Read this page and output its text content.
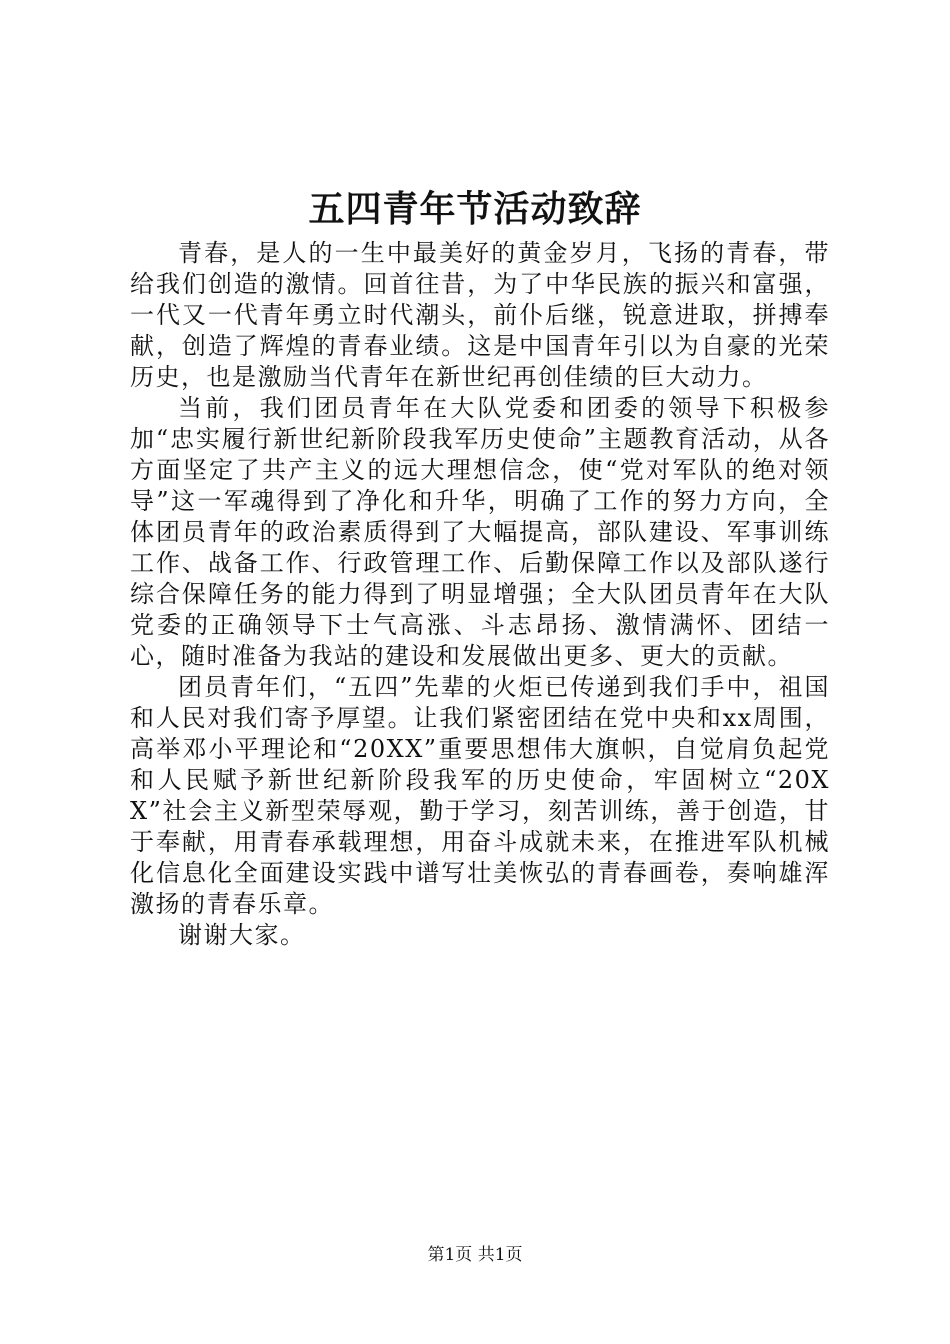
五四青年节活动致辞

青春，是人的一生中最美好的黄金岁月，飞扬的青春，带给我们创造的激情。回首往昔，为了中华民族的振兴和富强，一代又一代青年勇立时代潮头，前仆后继，锐意进取，拼搏奉献，创造了辉煌的青春业绩。这是中国青年引以为自豪的光荣历史，也是激励当代青年在新世纪再创佳绩的巨大动力。

当前，我们团员青年在大队党委和团委的领导下积极参加“忠实履行新世纪新阶段我军历史使命”主题教育活动，从各方面坚定了共产主义的远大理想信念，使“党对军队的绝对领导”这一军魂得到了净化和升华，明确了工作的努力方向，全体团员青年的政治素质得到了大幅提高，部队建设、军事训练工作、战备工作、行政管理工作、后勤保障工作以及部队遂行综合保障任务的能力得到了明显增强；全大队团员青年在大队党委的正确领导下士气高涨、斗志昂扬、激情满怀、团结一心，随时准备为我站的建设和发展做出更多、更大的贡献。

团员青年们，“五四”先辈的火炬已传递到我们手中，祖国和人民对我们寄予厚望。让我们紧密团结在党中央和xx周围，高举邓小平理论和“20XX”重要思想伟大旗帜，自觉肩负起党和人民赋予新世纪新阶段我军的历史使命，牢固树立“20XX”社会主义新型荣辱观，勤于学习，刻苦训练，善于创造，甘于奉献，用青春承载理想，用奋斗成就未来，在推进军队机械化信息化全面建设实践中谱写壮美恢弘的青春画卷，奏响雄浑激扬的青春乐章。

谢谢大家。

第1页 共1页
